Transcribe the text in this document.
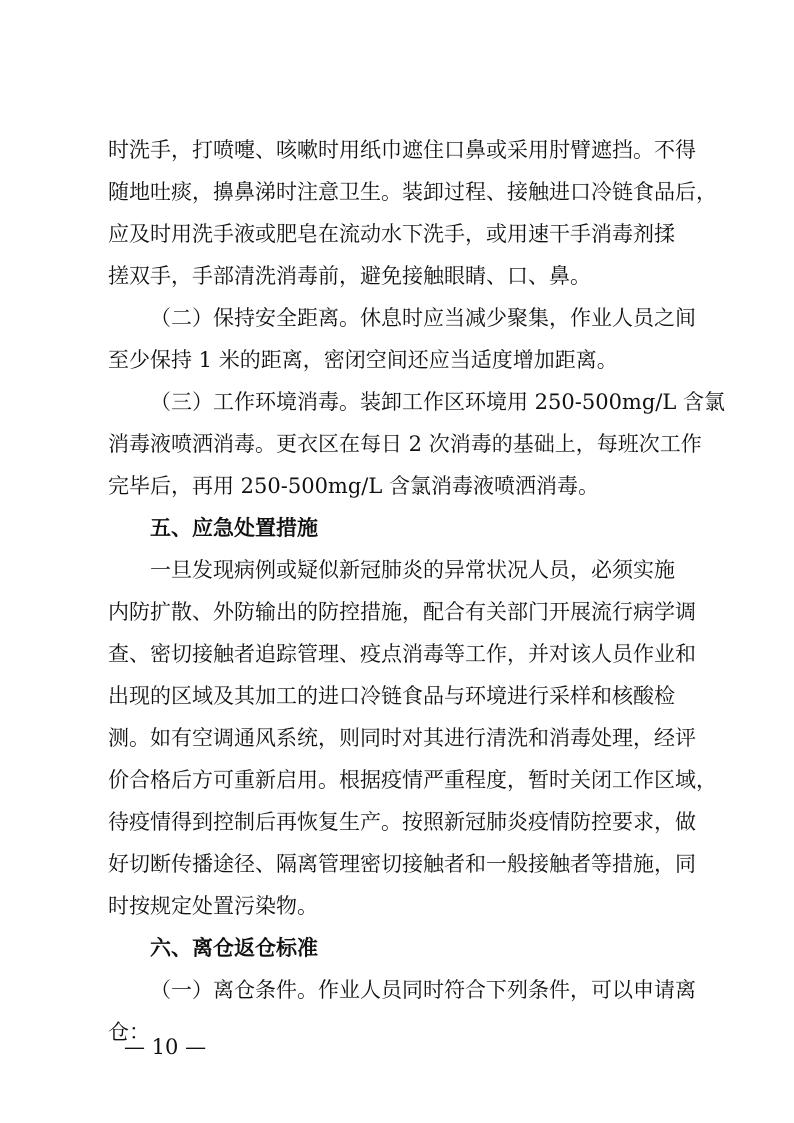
时洗手，打喷嚏、咳嗽时用纸巾遮住口鼻或采用肘臂遮挡。不得
随地吐痰，擤鼻涕时注意卫生。装卸过程、接触进口冷链食品后，
应及时用洗手液或肥皂在流动水下洗手，或用速干手消毒剂揉
搓双手，手部清洗消毒前，避免接触眼睛、口、鼻。
（二）保持安全距离。休息时应当减少聚集，作业人员之间
至少保持 1 米的距离，密闭空间还应当适度增加距离。
（三）工作环境消毒。装卸工作区环境用 250-500mg/L 含氯
消毒液喷洒消毒。更衣区在每日 2 次消毒的基础上，每班次工作
完毕后，再用 250-500mg/L 含氯消毒液喷洒消毒。
五、应急处置措施
一旦发现病例或疑似新冠肺炎的异常状况人员，必须实施
内防扩散、外防输出的防控措施，配合有关部门开展流行病学调
查、密切接触者追踪管理、疫点消毒等工作，并对该人员作业和
出现的区域及其加工的进口冷链食品与环境进行采样和核酸检
测。如有空调通风系统，则同时对其进行清洗和消毒处理，经评
价合格后方可重新启用。根据疫情严重程度，暂时关闭工作区域，
待疫情得到控制后再恢复生产。按照新冠肺炎疫情防控要求，做
好切断传播途径、隔离管理密切接触者和一般接触者等措施，同
时按规定处置污染物。
六、离仓返仓标准
（一）离仓条件。作业人员同时符合下列条件，可以申请离
仓：
— 10 —
